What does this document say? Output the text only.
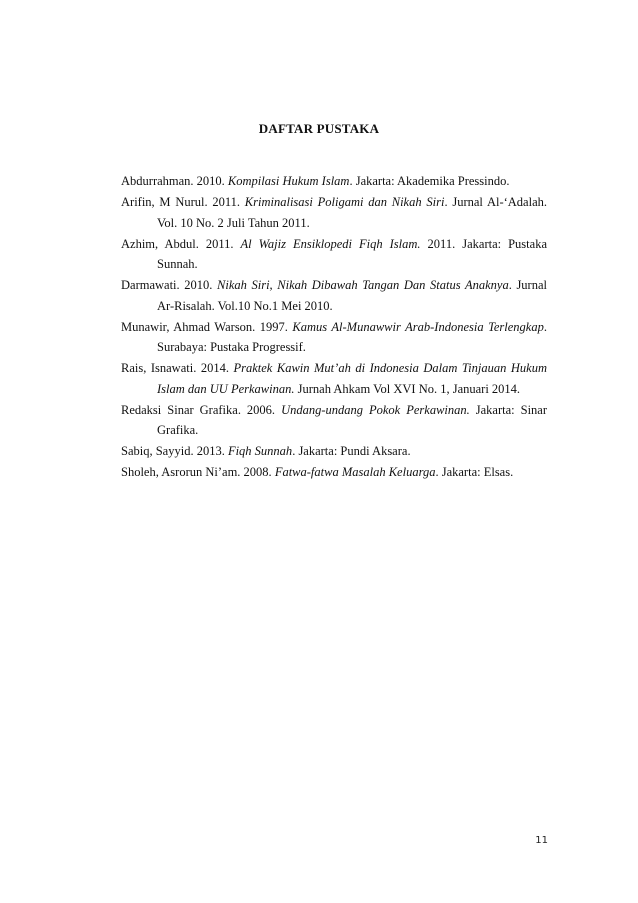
DAFTAR PUSTAKA

Abdurrahman. 2010. Kompilasi Hukum Islam. Jakarta: Akademika Pressindo.

Arifin, M Nurul. 2011. Kriminalisasi Poligami dan Nikah Siri. Jurnal Al-‘Adalah. Vol. 10 No. 2 Juli Tahun 2011.

Azhim, Abdul. 2011. Al Wajiz Ensiklopedi Fiqh Islam. 2011. Jakarta: Pustaka Sunnah.

Darmawati. 2010. Nikah Siri, Nikah Dibawah Tangan Dan Status Anaknya. Jurnal Ar-Risalah. Vol.10 No.1 Mei 2010.

Munawir, Ahmad Warson. 1997. Kamus Al-Munawwir Arab-Indonesia Terlengkap. Surabaya: Pustaka Progressif.

Rais, Isnawati. 2014. Praktek Kawin Mut’ah di Indonesia Dalam Tinjauan Hukum Islam dan UU Perkawinan. Jurnah Ahkam Vol XVI No. 1, Januari 2014.

Redaksi Sinar Grafika. 2006. Undang-undang Pokok Perkawinan. Jakarta: Sinar Grafika.

Sabiq, Sayyid. 2013. Fiqh Sunnah. Jakarta: Pundi Aksara.

Sholeh, Asrorun Ni’am. 2008. Fatwa-fatwa Masalah Keluarga. Jakarta: Elsas.

11
